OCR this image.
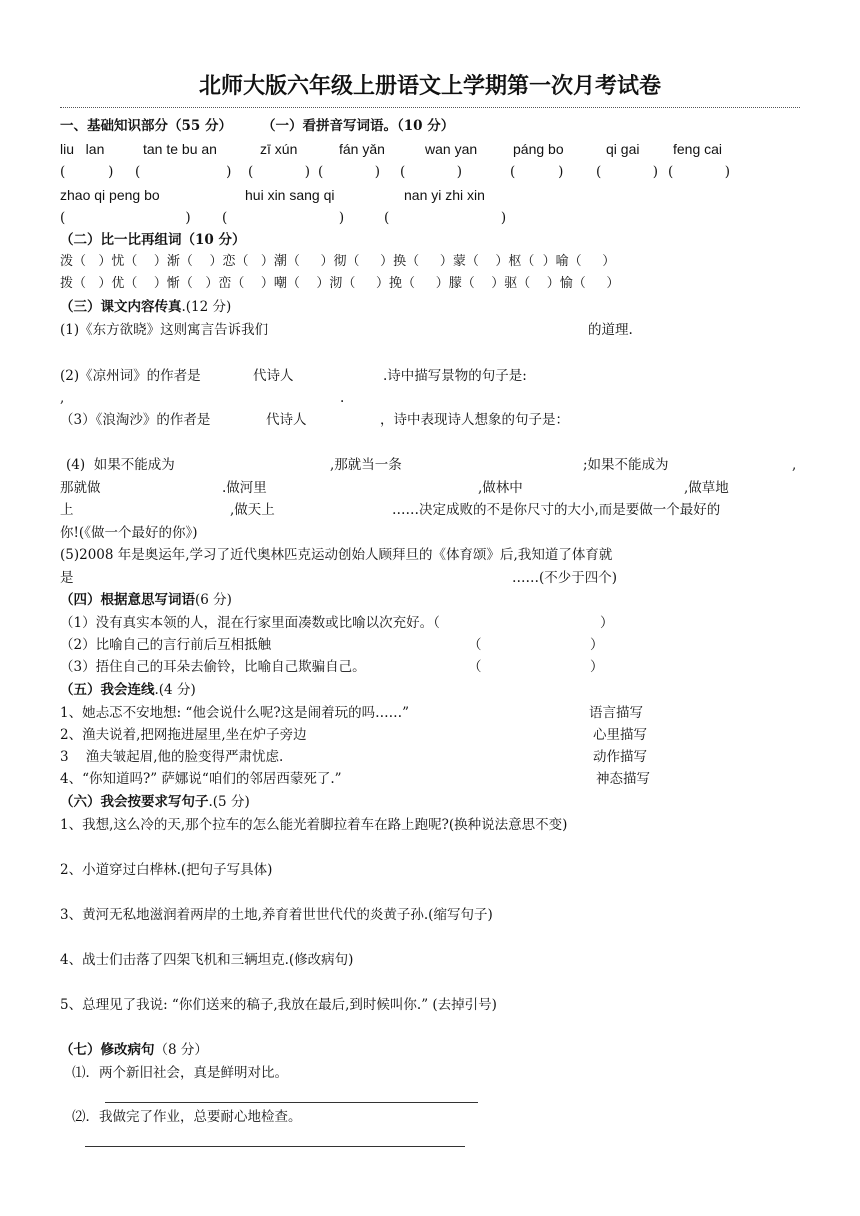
北师大版六年级上册语文上学期第一次月考试卷
一、基础知识部分（55 分） （一）看拼音写词语。（10 分）
liu   lan	tan te bu an	zī xún	fán yǎn	wan yan	páng bo	qi gai feng cai
(          ) (                    ) (            ) (            ) (            )	(          ) (            ) (            )
zhao qi peng bo	hui xin sang qi	nan yi zhi xin
(                            ) (                          )	(                          )
（二）比一比再组词（10 分）
泼（   ）忧（    ）渐（    ）恋（   ）潮（     ）彻（     ）换（     ）蒙（    ）枢（  ）喻（     ）
拨（   ）优（    ）惭（   ）峦（    ）嘲（    ）沏（     ）挽（     ）朦（    ）驱（    ）愉（     ）
（三）课文内容传真.(12 分)
(1)《东方欲晓》这则寓言告诉我们	的道理.
(2)《凉州词》的作者是	代诗人	.诗中描写景物的句子是:
,	.
（3）《浪淘沙》的作者是	代诗人	，诗中表现诗人想象的句子是：
(4)  如果不能成为	,那就当一条	;如果不能成为	,
那就做	.做河里	,做林中	,做草地
上	,做天上	……决定成败的不是你尺寸的大小,而是要做一个最好的
你!(《做一个最好的你》)
(5)2008 年是奥运年,学习了近代奥林匹克运动创始人顾拜旦的《体育颂》后,我知道了体育就
是	……(不少于四个)
（四）根据意思写词语(6 分)
（1）没有真实本领的人，混在行家里面凑数或比喻以次充好。（	）
（2）比喻自己的言行前后互相抵触	（	）
（3）捂住自己的耳朵去偷铃，比喻自己欺骗自己。	（	）
（五）我会连线.(4 分)
1、她忐忑不安地想: “他会说什么呢?这是闹着玩的吗……”	语言描写
2、渔夫说着,把网拖进屋里,坐在炉子旁边	心里描写
3    渔夫皱起眉,他的脸变得严肃忧虑.	动作描写
4、“你知道吗?” 萨娜说“咱们的邻居西蒙死了.”	神态描写
（六）我会按要求写句子.(5 分)
1、我想,这么冷的天,那个拉车的怎么能光着脚拉着车在路上跑呢?(换种说法意思不变)
2、小道穿过白桦林.(把句子写具体)
3、黄河无私地滋润着两岸的土地,养育着世世代代的炎黄子孙.(缩写句子)
4、战士们击落了四架飞机和三辆坦克.(修改病句)
5、总理见了我说: “你们送来的稿子,我放在最后,到时候叫你.” (去掉引号)
（七）修改病句（8 分）
⑴．两个新旧社会，真是鲜明对比。
⑵．我做完了作业，总要耐心地检查。
